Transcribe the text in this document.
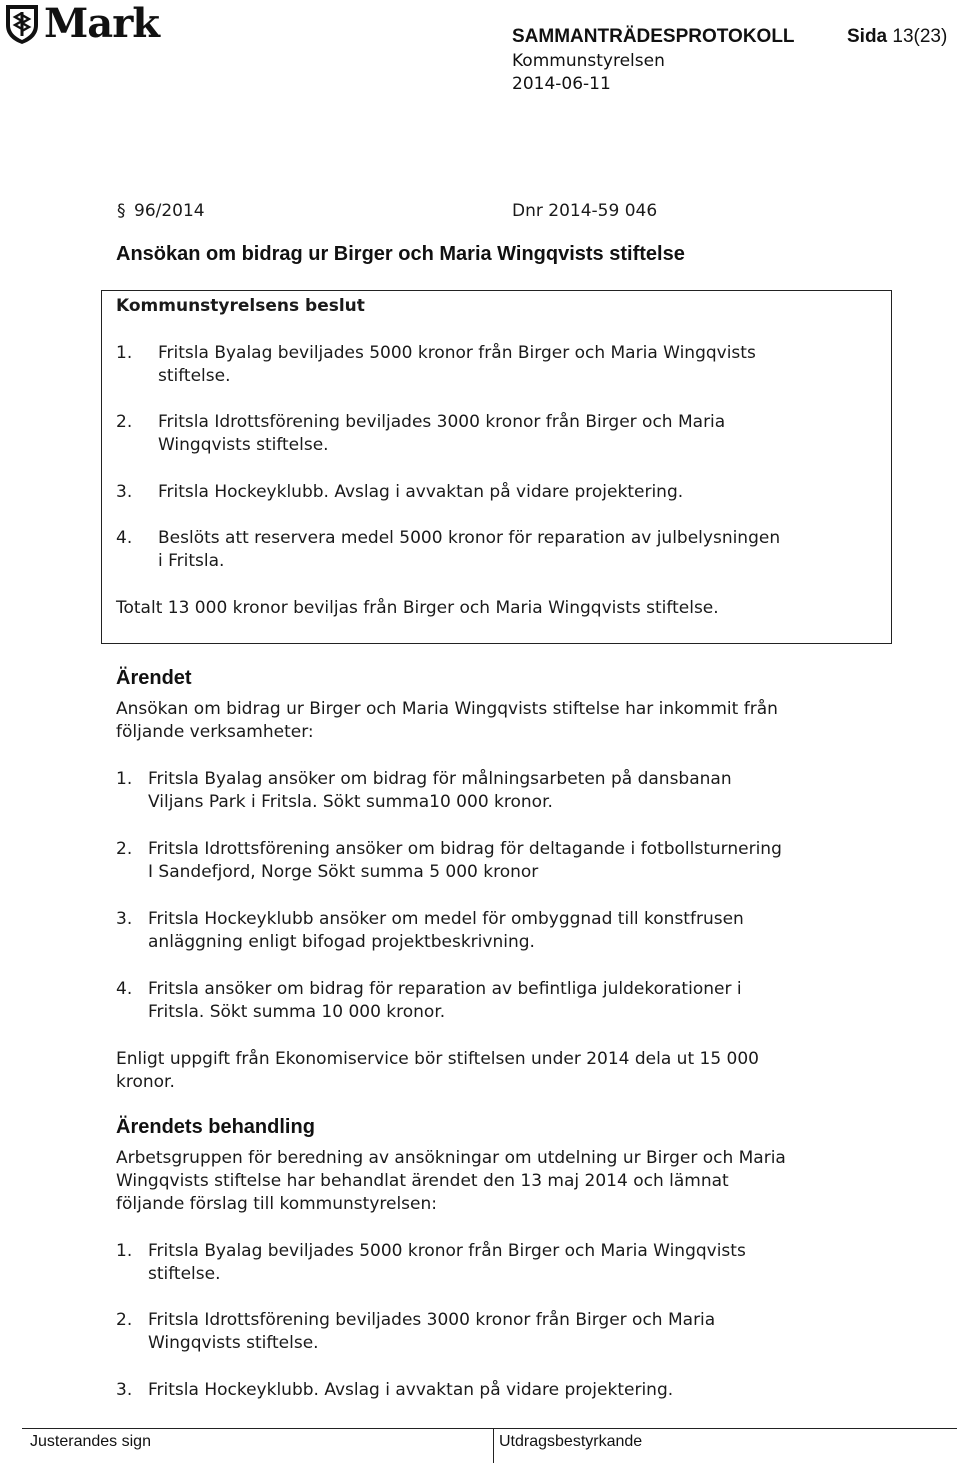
Mark	SAMMANTRÄDESPROTOKOLL	Sida 13(23)
Kommunstyrelsen
2014-06-11
§ 96/2014	Dnr 2014-59 046
Ansökan om bidrag ur Birger och Maria Wingqvists stiftelse
Kommunstyrelsens beslut
1. Fritsla Byalag beviljades 5000 kronor från Birger och Maria Wingqvists
stiftelse.
2. Fritsla Idrottsförening beviljades 3000 kronor från Birger och Maria
Wingqvists stiftelse.
3. Fritsla Hockeyklubb. Avslag i avvaktan på vidare projektering.
4. Beslöts att reservera medel 5000 kronor för reparation av julbelysningen
i Fritsla.
Totalt 13 000 kronor beviljas från Birger och Maria Wingqvists stiftelse.
Ärendet
Ansökan om bidrag ur Birger och Maria Wingqvists stiftelse har inkommit från
följande verksamheter:
1. Fritsla Byalag ansöker om bidrag för målningsarbeten på dansbanan
Viljans Park i Fritsla. Sökt summa10 000 kronor.
2. Fritsla Idrottsförening ansöker om bidrag för deltagande i fotbollsturnering
I Sandefjord, Norge Sökt summa 5 000 kronor
3. Fritsla Hockeyklubb ansöker om medel för ombyggnad till konstfrusen
anläggning enligt bifogad projektbeskrivning.
4. Fritsla ansöker om bidrag för reparation av befintliga juldekorationer i
Fritsla. Sökt summa 10 000 kronor.
Enligt uppgift från Ekonomiservice bör stiftelsen under 2014 dela ut 15 000
kronor.
Ärendets behandling
Arbetsgruppen för beredning av ansökningar om utdelning ur Birger och Maria
Wingqvists stiftelse har behandlat ärendet den 13 maj 2014 och lämnat
följande förslag till kommunstyrelsen:
1. Fritsla Byalag beviljades 5000 kronor från Birger och Maria Wingqvists
stiftelse.
2. Fritsla Idrottsförening beviljades 3000 kronor från Birger och Maria
Wingqvists stiftelse.
3. Fritsla Hockeyklubb. Avslag i avvaktan på vidare projektering.
Justerandes sign	Utdragsbestyrkande
